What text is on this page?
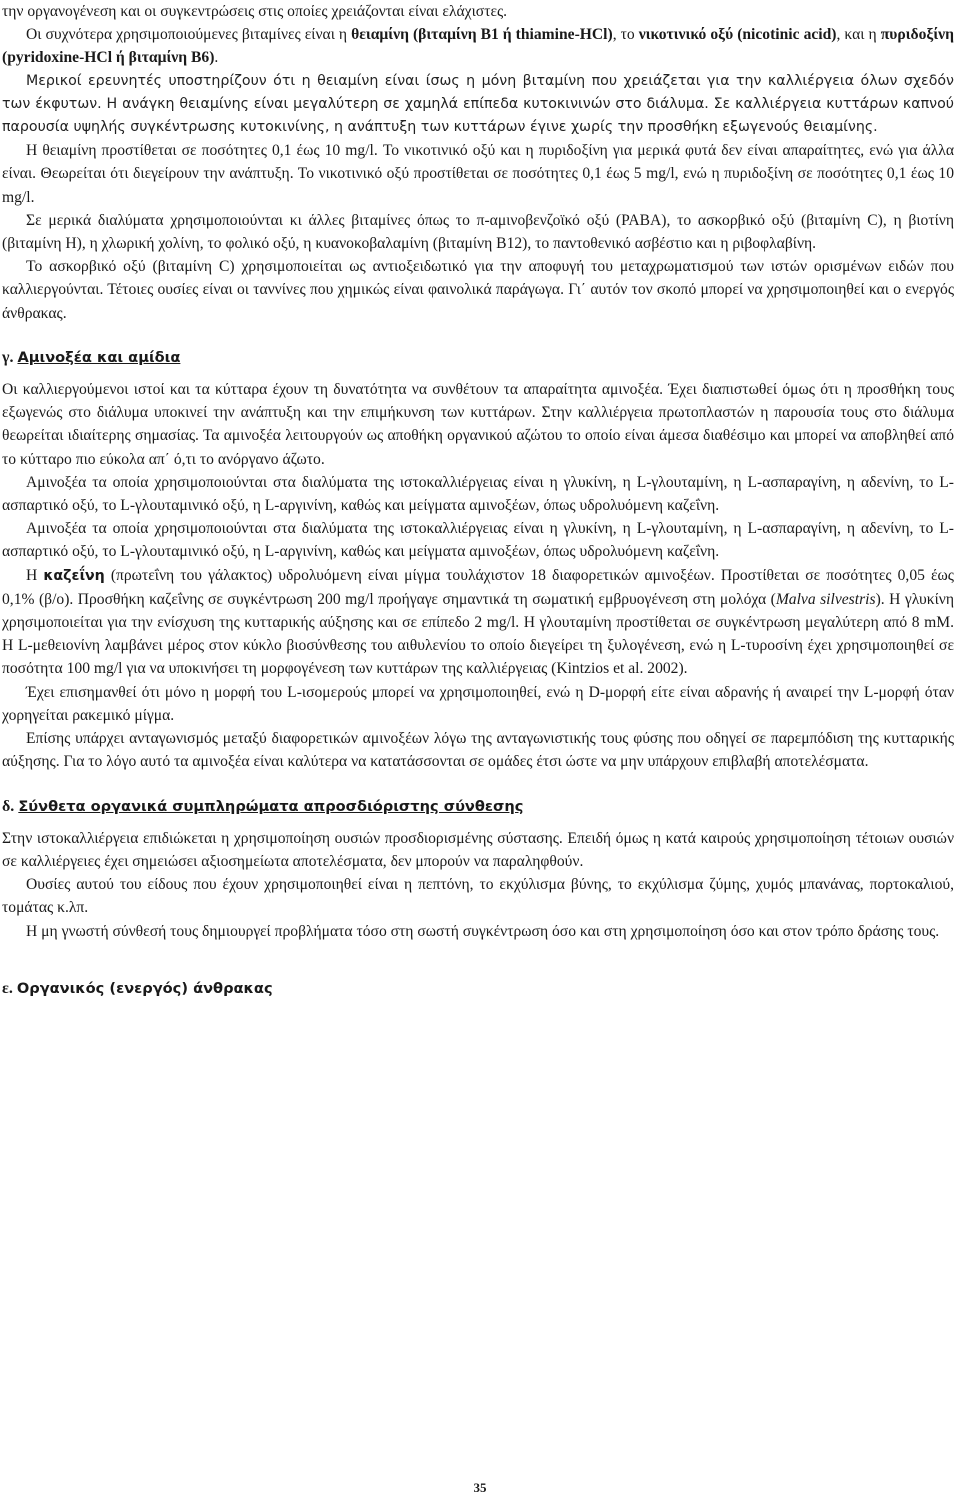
την οργανογένεση και οι συγκεντρώσεις στις οποίες χρειάζονται είναι ελάχιστες.

Οι συχνότερα χρησιμοποιούμενες βιταμίνες είναι η θειαμίνη (βιταμίνη Β1 ή thiamine-HCl), το νικοτινικό οξύ (nicotinic acid), και η πυριδοξίνη (pyridoxine-HCl ή βιταμίνη Β6).

Μερικοί ερευνητές υποστηρίζουν ότι η θειαμίνη είναι ίσως η μόνη βιταμίνη που χρειάζεται για την καλλιέργεια όλων σχεδόν των έκφυτων. Η ανάγκη θειαμίνης είναι μεγαλύτερη σε χαμηλά επίπεδα κυτοκινινών στο διάλυμα. Σε καλλιέργεια κυττάρων καπνού παρουσία υψηλής συγκέντρωσης κυτοκινίνης, η ανάπτυξη των κυττάρων έγινε χωρίς την προσθήκη εξωγενούς θειαμίνης.

Η θειαμίνη προστίθεται σε ποσότητες 0,1 έως 10 mg/l. Το νικοτινικό οξύ και η πυριδοξίνη για μερικά φυτά δεν είναι απαραίτητες, ενώ για άλλα είναι. Θεωρείται ότι διεγείρουν την ανάπτυξη. Το νικοτινικό οξύ προστίθεται σε ποσότητες 0,1 έως 5 mg/l, ενώ η πυριδοξίνη σε ποσότητες 0,1 έως 10 mg/l.

Σε μερικά διαλύματα χρησιμοποιούνται κι άλλες βιταμίνες όπως το π-αμινοβενζοϊκό οξύ (PABA), το ασκορβικό οξύ (βιταμίνη C), η βιοτίνη (βιταμίνη Η), η χλωρική χολίνη, το φολικό οξύ, η κυανοκοβαλαμίνη (βιταμίνη Β12), το παντοθενικό ασβέστιο και η ριβοφλαβίνη.

Το ασκορβικό οξύ (βιταμίνη C) χρησιμοποιείται ως αντιοξειδωτικό για την αποφυγή του μεταχρωματισμού των ιστών ορισμένων ειδών που καλλιεργούνται. Τέτοιες ουσίες είναι οι ταννίνες που χημικώς είναι φαινολικά παράγωγα. Γι΄ αυτόν τον σκοπό μπορεί να χρησιμοποιηθεί και ο ενεργός άνθρακας.

γ. Αμινοξέα και αμίδια

Οι καλλιεργούμενοι ιστοί και τα κύτταρα έχουν τη δυνατότητα να συνθέτουν τα απαραίτητα αμινοξέα. Έχει διαπιστωθεί όμως ότι η προσθήκη τους εξωγενώς στο διάλυμα υποκινεί την ανάπτυξη και την επιμήκυνση των κυττάρων. Στην καλλιέργεια πρωτοπλαστών η παρουσία τους στο διάλυμα θεωρείται ιδιαίτερης σημασίας. Τα αμινοξέα λειτουργούν ως αποθήκη οργανικού αζώτου το οποίο είναι άμεσα διαθέσιμο και μπορεί να αποβληθεί από το κύτταρο πιο εύκολα απ΄ ό,τι το ανόργανο άζωτο.

Αμινοξέα τα οποία χρησιμοποιούνται στα διαλύματα της ιστοκαλλιέργειας είναι η γλυκίνη, η L-γλουταμίνη, η L-ασπαραγίνη, η αδενίνη, το L-ασπαρτικό οξύ, το L-γλουταμινικό οξύ, η L-αργινίνη, καθώς και μείγματα αμινοξέων, όπως υδρολυόμενη καζεΐνη.

Αμινοξέα τα οποία χρησιμοποιούνται στα διαλύματα της ιστοκαλλιέργειας είναι η γλυκίνη, η L-γλουταμίνη, η L-ασπαραγίνη, η αδενίνη, το L-ασπαρτικό οξύ, το L-γλουταμινικό οξύ, η L-αργινίνη, καθώς και μείγματα αμινοξέων, όπως υδρολυόμενη καζεΐνη.

Η καζεΐνη (πρωτεΐνη του γάλακτος) υδρολυόμενη είναι μίγμα τουλάχιστον 18 διαφορετικών αμινοξέων. Προστίθεται σε ποσότητες 0,05 έως 0,1% (β/ο). Προσθήκη καζεΐνης σε συγκέντρωση 200 mg/l προήγαγε σημαντικά τη σωματική εμβρυογένεση στη μολόχα (Malva silvestris). Η γλυκίνη χρησιμοποιείται για την ενίσχυση της κυτταρικής αύξησης και σε επίπεδο 2 mg/l. Η γλουταμίνη προστίθεται σε συγκέντρωση μεγαλύτερη από 8 mM. Η L-μεθειονίνη λαμβάνει μέρος στον κύκλο βιοσύνθεσης του αιθυλενίου το οποίο διεγείρει τη ξυλογένεση, ενώ η L-τυροσίνη έχει χρησιμοποιηθεί σε ποσότητα 100 mg/l για να υποκινήσει τη μορφογένεση των κυττάρων της καλλιέργειας (Kintzios et al. 2002).

Έχει επισημανθεί ότι μόνο η μορφή του L-ισομερούς μπορεί να χρησιμοποιηθεί, ενώ η D-μορφή είτε είναι αδρανής ή αναιρεί την L-μορφή όταν χορηγείται ρακεμικό μίγμα.

Επίσης υπάρχει ανταγωνισμός μεταξύ διαφορετικών αμινοξέων λόγω της ανταγωνιστικής τους φύσης που οδηγεί σε παρεμπόδιση της κυτταρικής αύξησης. Για το λόγο αυτό τα αμινοξέα είναι καλύτερα να κατατάσσονται σε ομάδες έτσι ώστε να μην υπάρχουν επιβλαβή αποτελέσματα.

δ. Σύνθετα οργανικά συμπληρώματα απροσδιόριστης σύνθεσης

Στην ιστοκαλλιέργεια επιδιώκεται η χρησιμοποίηση ουσιών προσδιορισμένης σύστασης. Επειδή όμως η κατά καιρούς χρησιμοποίηση τέτοιων ουσιών σε καλλιέργειες έχει σημειώσει αξιοσημείωτα αποτελέσματα, δεν μπορούν να παραληφθούν.

Ουσίες αυτού του είδους που έχουν χρησιμοποιηθεί είναι η πεπτόνη, το εκχύλισμα βύνης, το εκχύλισμα ζύμης, χυμός μπανάνας, πορτοκαλιού, τομάτας κ.λπ.

Η μη γνωστή σύνθεσή τους δημιουργεί προβλήματα τόσο στη σωστή συγκέντρωση όσο και στη χρησιμοποίηση όσο και στον τρόπο δράσης τους.

ε. Οργανικός (ενεργός) άνθρακας

35
